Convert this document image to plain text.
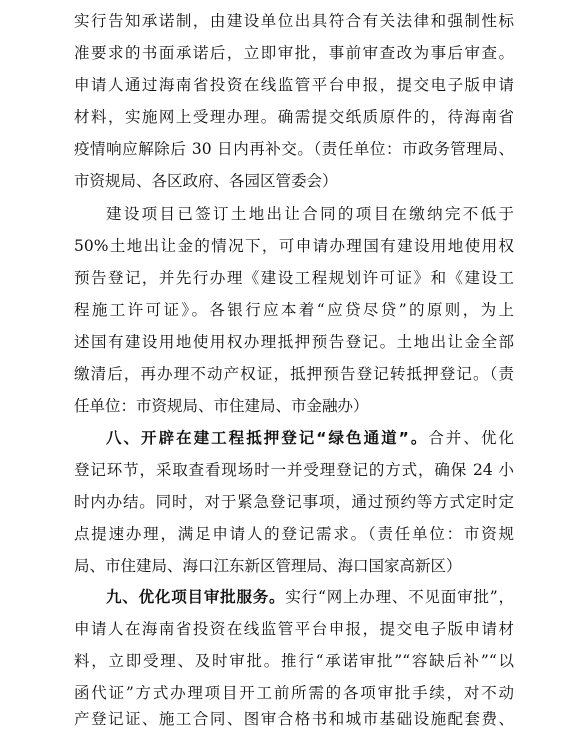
实行告知承诺制，由建设单位出具符合有关法律和强制性标
准要求的书面承诺后，立即审批，事前审查改为事后审查。
申请人通过海南省投资在线监管平台申报，提交电子版申请
材料，实施网上受理办理。确需提交纸质原件的，待海南省
疫情响应解除后 30 日内再补交。（责任单位：市政务管理局、
市资规局、各区政府、各园区管委会）
建设项目已签订土地出让合同的项目在缴纳完不低于
50%土地出让金的情况下，可申请办理国有建设用地使用权
预告登记，并先行办理《建设工程规划许可证》和《建设工
程施工许可证》。各银行应本着“应贷尽贷”的原则，为上
述国有建设用地使用权办理抵押预告登记。土地出让金全部
缴清后，再办理不动产权证，抵押预告登记转抵押登记。（责
任单位：市资规局、市住建局、市金融办）
八、开辟在建工程抵押登记“绿色通道”。合并、优化
登记环节，采取查看现场时一并受理登记的方式，确保 24 小
时内办结。同时，对于紧急登记事项，通过预约等方式定时定
点提速办理，满足申请人的登记需求。（责任单位：市资规
局、市住建局、海口江东新区管理局、海口国家高新区）
九、优化项目审批服务。实行“网上办理、不见面审批”，
申请人在海南省投资在线监管平台申报，提交电子版申请材
料，立即受理、及时审批。推行“承诺审批”“容缺后补”“以
函代证”方式办理项目开工前所需的各项审批手续，对不动
产登记证、施工合同、图审合格书和城市基础设施配套费、
